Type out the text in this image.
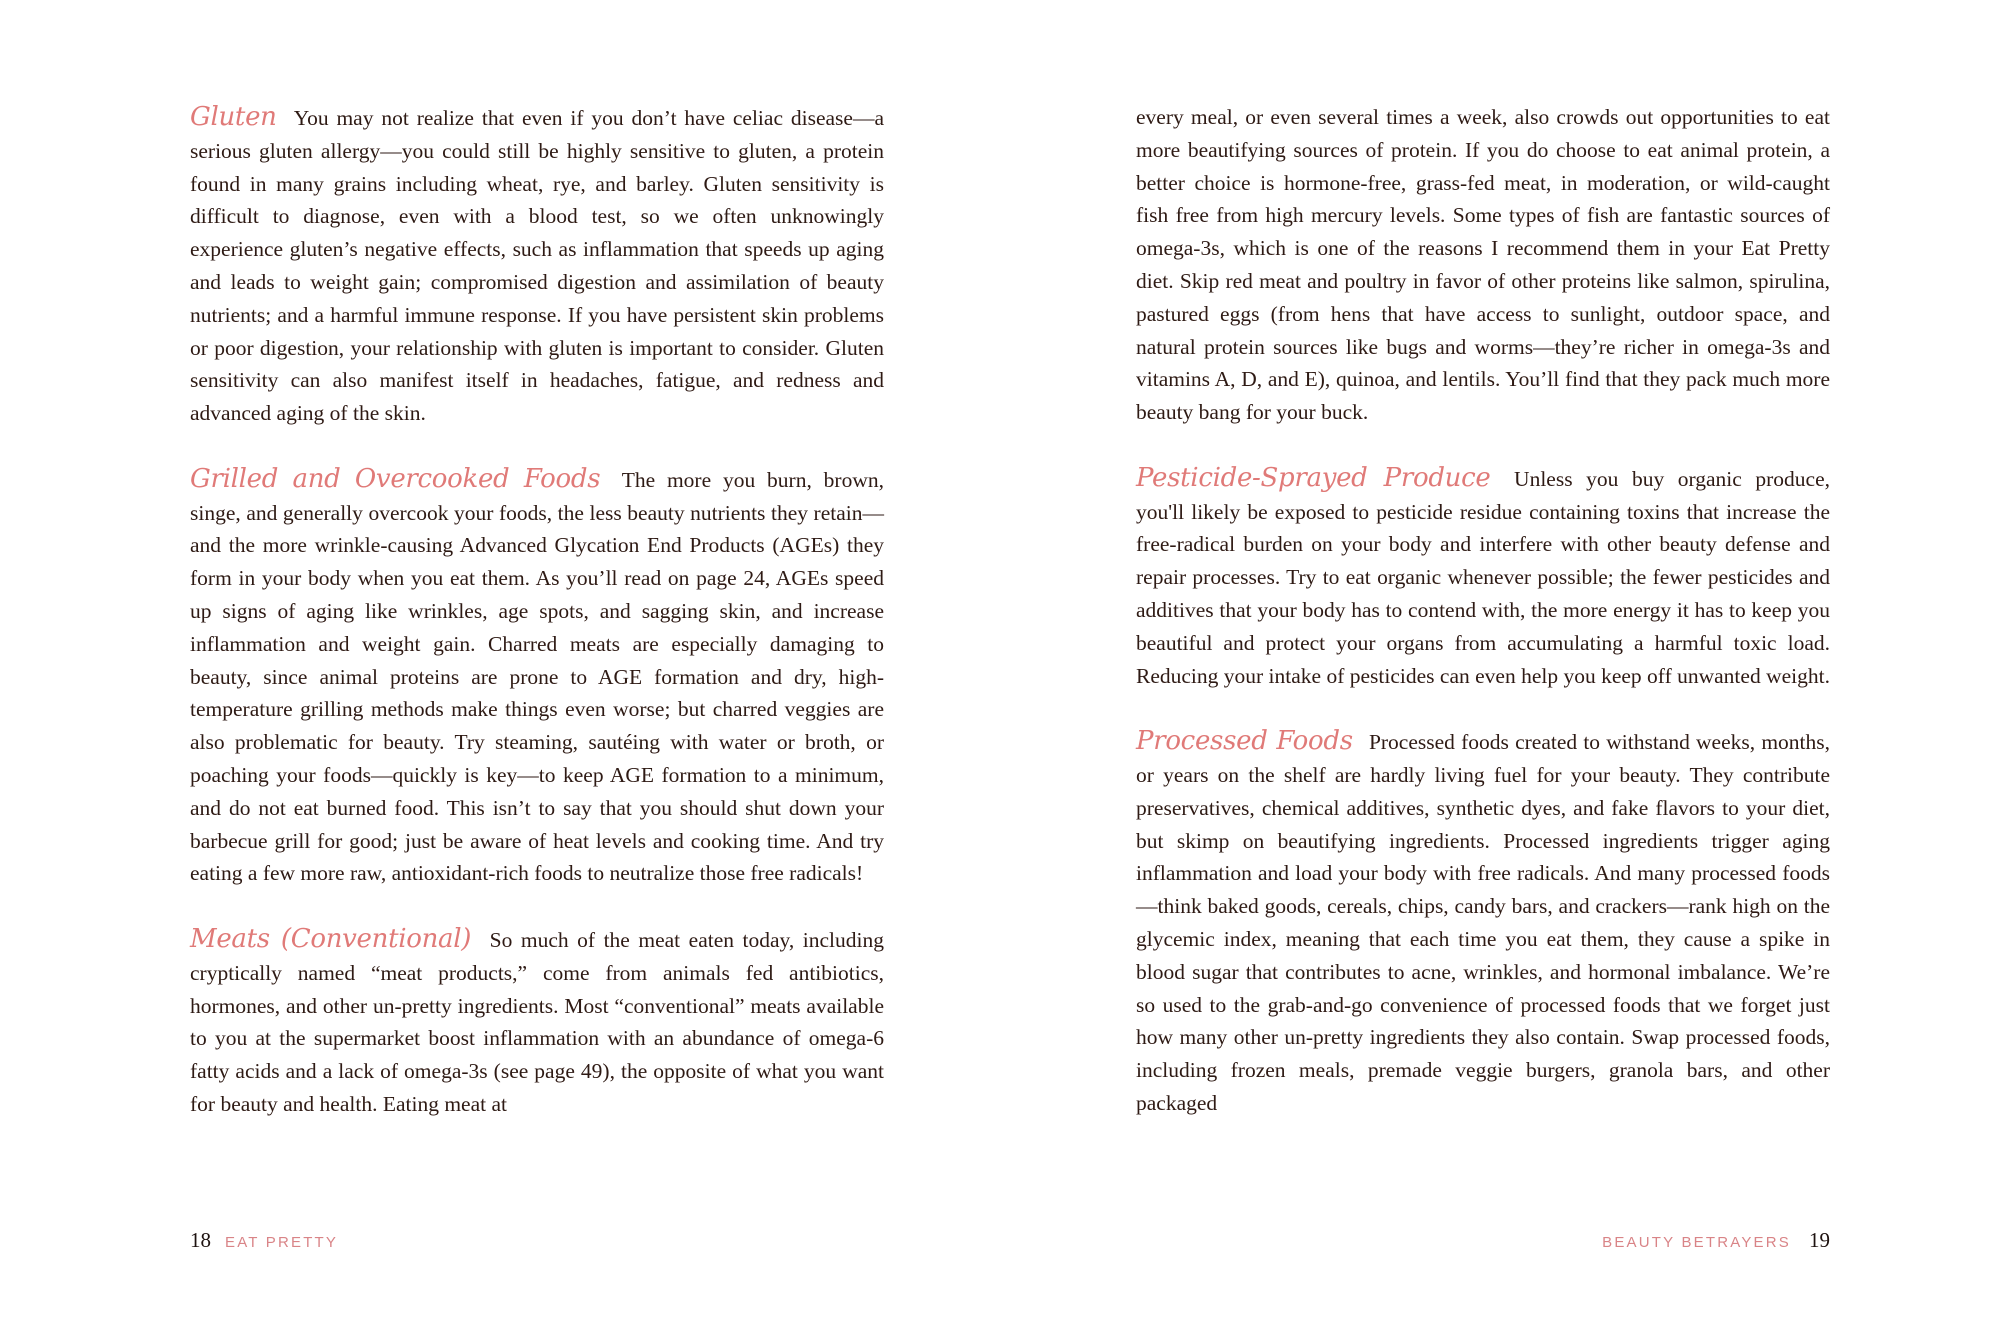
Gluten You may not realize that even if you don’t have celiac disease—a serious gluten allergy—you could still be highly sensitive to gluten, a protein found in many grains including wheat, rye, and barley. Gluten sensitivity is difficult to diagnose, even with a blood test, so we often unknowingly experience gluten’s negative effects, such as inflammation that speeds up aging and leads to weight gain; compromised digestion and assimilation of beauty nutrients; and a harmful immune response. If you have persistent skin problems or poor digestion, your relationship with gluten is important to consider. Gluten sensitivity can also manifest itself in headaches, fatigue, and redness and advanced aging of the skin.

Grilled and Overcooked Foods The more you burn, brown, singe, and generally overcook your foods, the less beauty nutrients they retain—and the more wrinkle-causing Advanced Glycation End Products (AGEs) they form in your body when you eat them. As you’ll read on page 24, AGEs speed up signs of aging like wrinkles, age spots, and sagging skin, and increase inflammation and weight gain. Charred meats are especially damaging to beauty, since animal proteins are prone to AGE formation and dry, high-temperature grilling methods make things even worse; but charred veggies are also problematic for beauty. Try steaming, sautéing with water or broth, or poaching your foods—quickly is key—to keep AGE formation to a minimum, and do not eat burned food. This isn’t to say that you should shut down your barbecue grill for good; just be aware of heat levels and cooking time. And try eating a few more raw, antioxidant-rich foods to neutralize those free radicals!

Meats (Conventional) So much of the meat eaten today, including cryptically named “meat products,” come from animals fed antibiotics, hormones, and other un-pretty ingredients. Most “conventional” meats available to you at the supermarket boost inflammation with an abundance of omega-6 fatty acids and a lack of omega-3s (see page 49), the opposite of what you want for beauty and health. Eating meat at

18 EAT PRETTY

every meal, or even several times a week, also crowds out opportunities to eat more beautifying sources of protein. If you do choose to eat animal protein, a better choice is hormone-free, grass-fed meat, in moderation, or wild-caught fish free from high mercury levels. Some types of fish are fantastic sources of omega-3s, which is one of the reasons I recommend them in your Eat Pretty diet. Skip red meat and poultry in favor of other proteins like salmon, spirulina, pastured eggs (from hens that have access to sunlight, outdoor space, and natural protein sources like bugs and worms—they’re richer in omega-3s and vitamins A, D, and E), quinoa, and lentils. You’ll find that they pack much more beauty bang for your buck.

Pesticide-Sprayed Produce Unless you buy organic produce, you'll likely be exposed to pesticide residue containing toxins that increase the free-radical burden on your body and interfere with other beauty defense and repair processes. Try to eat organic whenever possible; the fewer pesticides and additives that your body has to contend with, the more energy it has to keep you beautiful and protect your organs from accumulating a harmful toxic load. Reducing your intake of pesticides can even help you keep off unwanted weight.

Processed Foods Processed foods created to withstand weeks, months, or years on the shelf are hardly living fuel for your beauty. They contribute preservatives, chemical additives, synthetic dyes, and fake flavors to your diet, but skimp on beautifying ingredients. Processed ingredients trigger aging inflammation and load your body with free radicals. And many processed foods—think baked goods, cereals, chips, candy bars, and crackers—rank high on the glycemic index, meaning that each time you eat them, they cause a spike in blood sugar that contributes to acne, wrinkles, and hormonal imbalance. We’re so used to the grab-and-go convenience of processed foods that we forget just how many other un-pretty ingredients they also contain. Swap processed foods, including frozen meals, premade veggie burgers, granola bars, and other packaged

BEAUTY BETRAYERS 19
